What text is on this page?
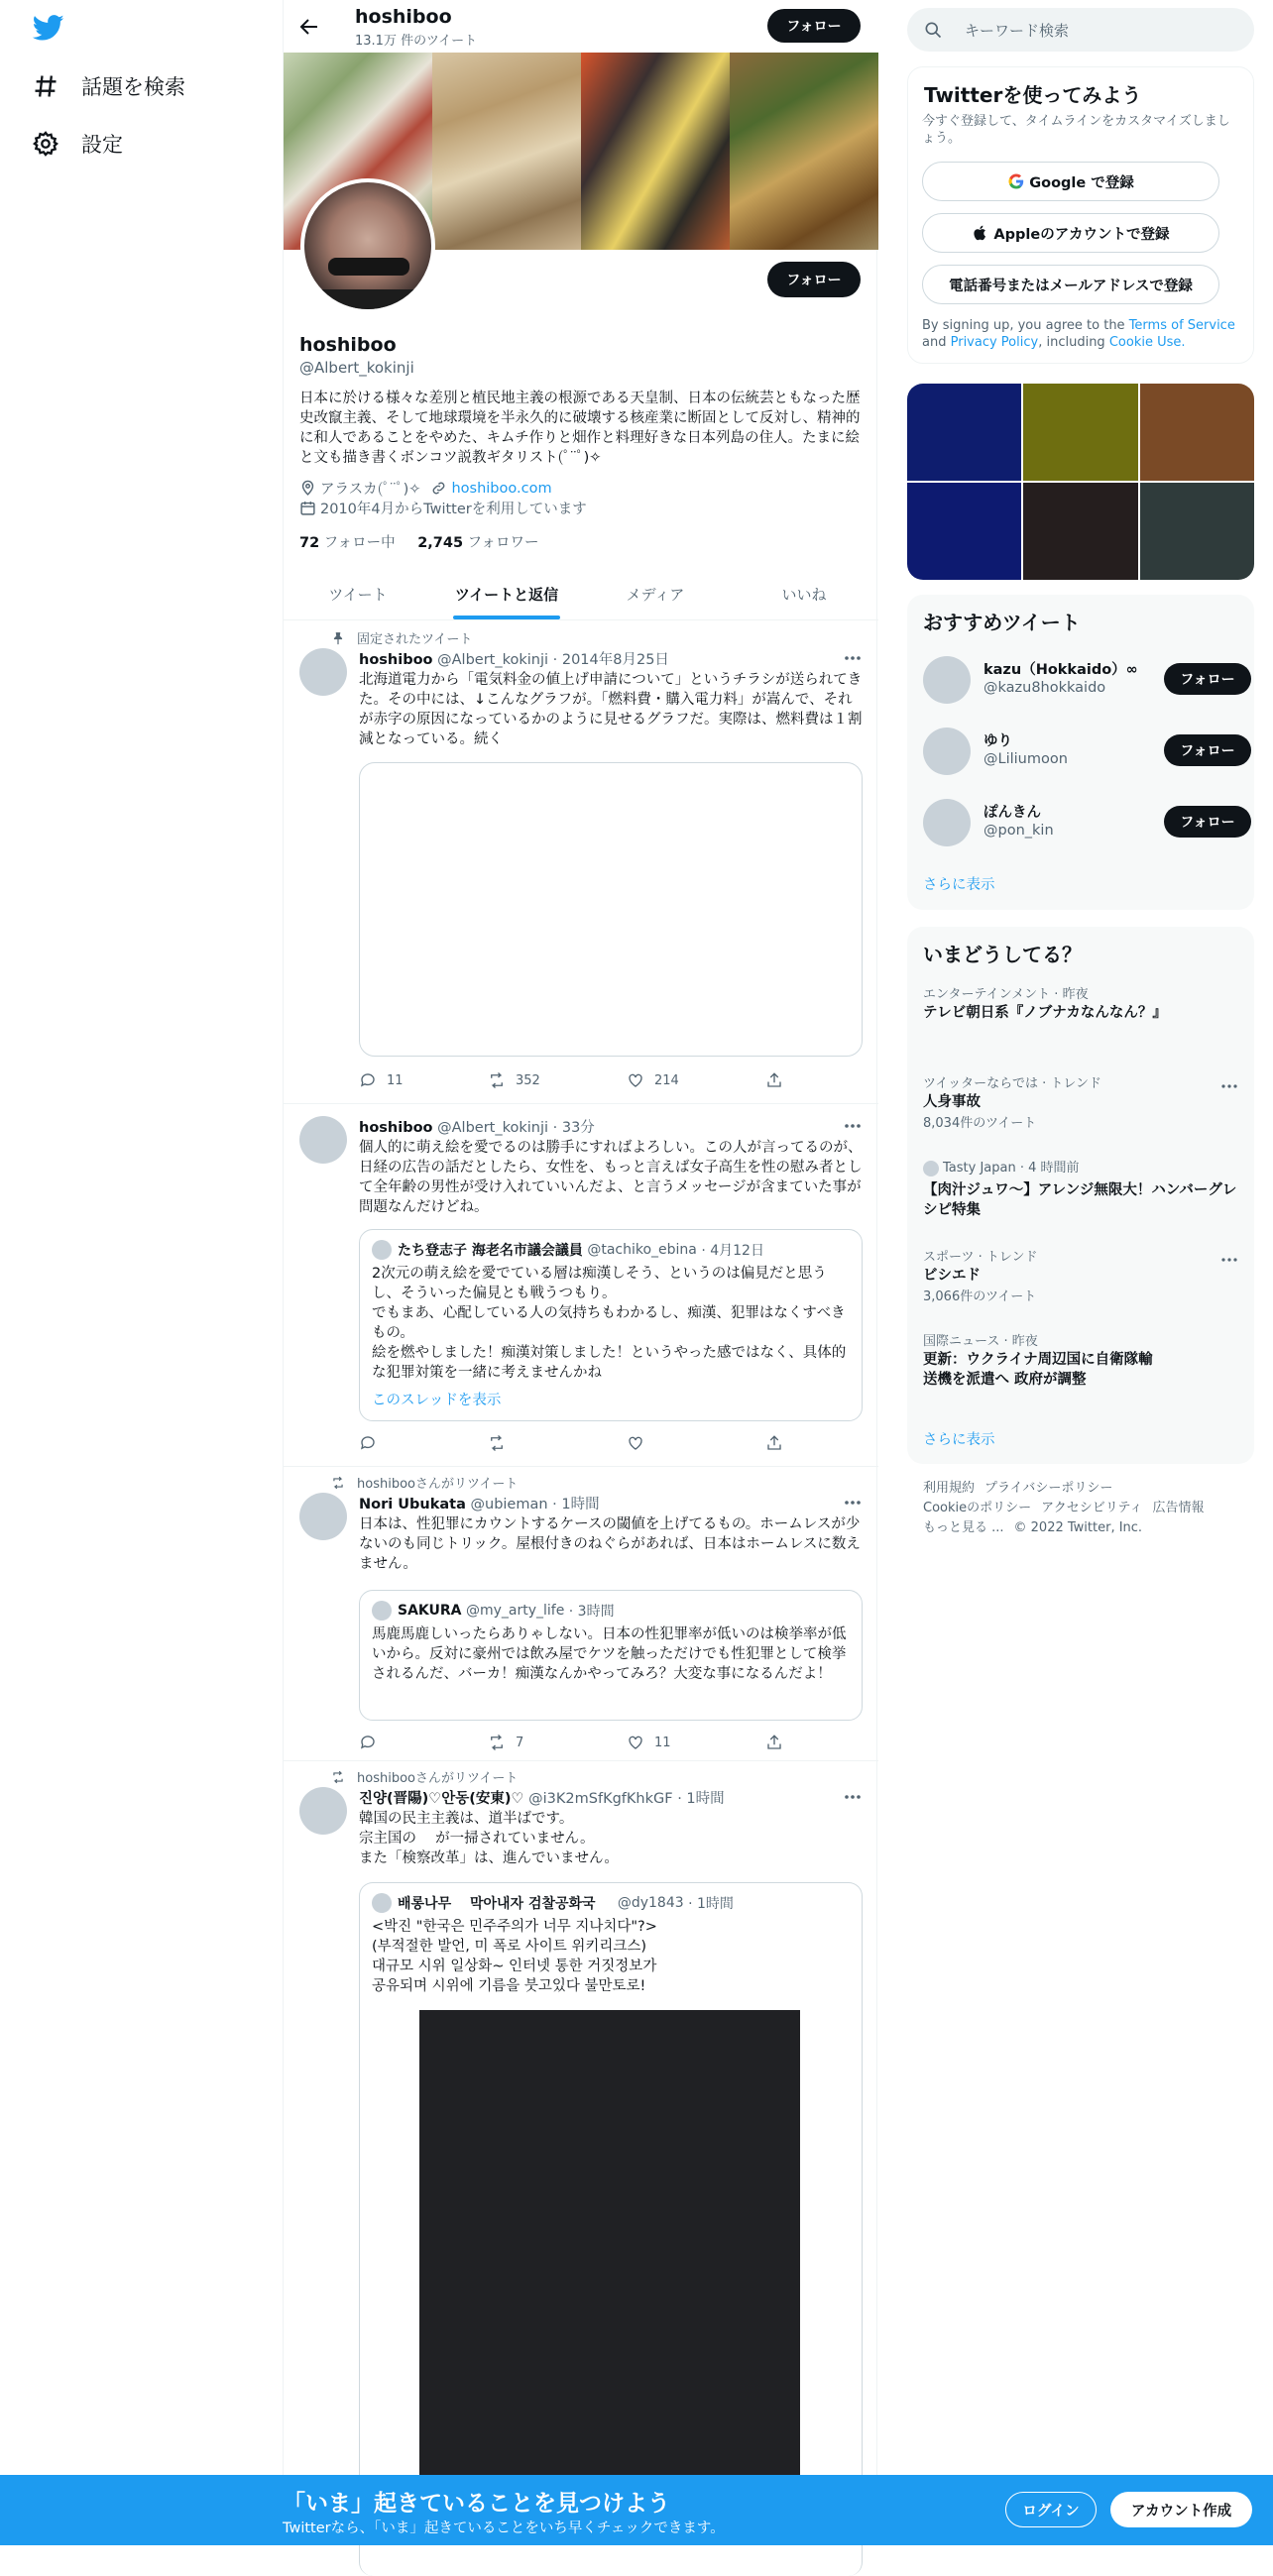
話題を検索
設定
hoshiboo
13.1万 件のツイート
フォロー
フォロー
hoshiboo
@Albert_kokinji
日本に於ける様々な差別と植民地主義の根源である天皇制、日本の伝統芸ともなった歴史改竄主義、そして地球環境を半永久的に破壊する核産業に断固として反対し、精神的に和人であることをやめた、キムチ作りと畑作と料理好きな日本列島の住人。たまに絵と文も描き書くボンコツ説教ギタリスト(ﾟ¨ﾟ)✧
アラスカ(ﾟ¨ﾟ)✧ hoshiboo.com
2010年4月からTwitterを利用しています
72 フォロー中 2,745 フォロワー
ツイート	ツイートと返信	メディア	いいね
固定されたツイート
hoshiboo @Albert_kokinji · 2014年8月25日
北海道電力から「電気料金の値上げ申請について」というチラシが送られてきた。その中には、↓こんなグラフが。「燃料費・購入電力料」が嵩んで、それが赤字の原因になっているかのように見せるグラフだ。実際は、燃料費は１割減となっている。続く
11	352	214
hoshiboo @Albert_kokinji · 33分
個人的に萌え絵を愛でるのは勝手にすればよろしい。この人が言ってるのが、日経の広告の話だとしたら、女性を、もっと言えば女子高生を性の慰み者として全年齢の男性が受け入れていいんだよ、と言うメッセージが含まていた事が問題なんだけどね。
たち登志子 海老名市議会議員
@tachiko_ebina
· 4月12日
2次元の萌え絵を愛でている層は痴漢しそう、というのは偏見だと思うし、そういった偏見とも戦うつもり。
でもまあ、心配している人の気持ちもわかるし、痴漢、犯罪はなくすべきもの。
絵を燃やしました！痴漢対策しました！というやった感ではなく、具体的な犯罪対策を一緒に考えませんかね
このスレッドを表示
hoshibooさんがリツイート
Nori Ubukata @ubieman · 1時間
日本は、性犯罪にカウントするケースの閾値を上げてるもの。ホームレスが少ないのも同じトリック。屋根付きのねぐらがあれば、日本はホームレスに数えません。
SAKURA
@my_arty_life
· 3時間
馬鹿馬鹿しいったらありゃしない。日本の性犯罪率が低いのは検挙率が低いから。反対に豪州では飲み屋でケツを触っただけでも性犯罪として検挙されるんだ、バーカ！痴漢なんかやってみろ？大変な事になるんだよ！
7	11
hoshibooさんがリツイート
진양(晋陽)♡안동(安東)♡ @i3K2mSfKgfKhkGF · 1時間
韓国の民主主義は、道半ばです。
宗主国の　 が一掃されていません。
また「検察改革」は、進んでいません。
배롱나무　 막아내자 검찰공화국
@dy1843
· 1時間
<박진 "한국은 민주주의가 너무 지나치다"?>
(부적절한 발언, 미 폭로 사이트 위키리크스)
대규모 시위 일상화~ 인터넷 통한 거짓정보가
공유되며 시위에 기름을 붓고있다 불만토로!
キーワード検索
Twitterを使ってみよう

今すぐ登録して、タイムラインをカスタマイズしましょう。

Google で登録
Appleのアカウントで登録
電話番号またはメールアドレスで登録
By signing up, you agree to the Terms of Service and Privacy Policy, including Cookie Use.
おすすめツイート
kazu（Hokkaido）∞
@kazu8hokkaido	フォロー
ゆり
@Liliumoon	フォロー
ぽんきん
@pon_kin	フォロー
さらに表示
いまどうしてる？
エンターテインメント · 昨夜
テレビ朝日系『ノブナカなんなん？』
ツイッターならでは · トレンド
人身事故
8,034件のツイート
Tasty Japan · 4 時間前
【肉汁ジュワ〜】アレンジ無限大！ハンバーグレシピ特集
スポーツ · トレンド
ビシエド
3,066件のツイート
国際ニュース · 昨夜
更新：ウクライナ周辺国に自衛隊輸送機を派遣へ 政府が調整
さらに表示
利用規約 プライバシーポリシー
Cookieのポリシー アクセシビリティ 広告情報
もっと見る ... © 2022 Twitter, Inc.
「いま」起きていることを見つけよう
Twitterなら、「いま」起きていることをいち早くチェックできます。
ログイン	アカウント作成
